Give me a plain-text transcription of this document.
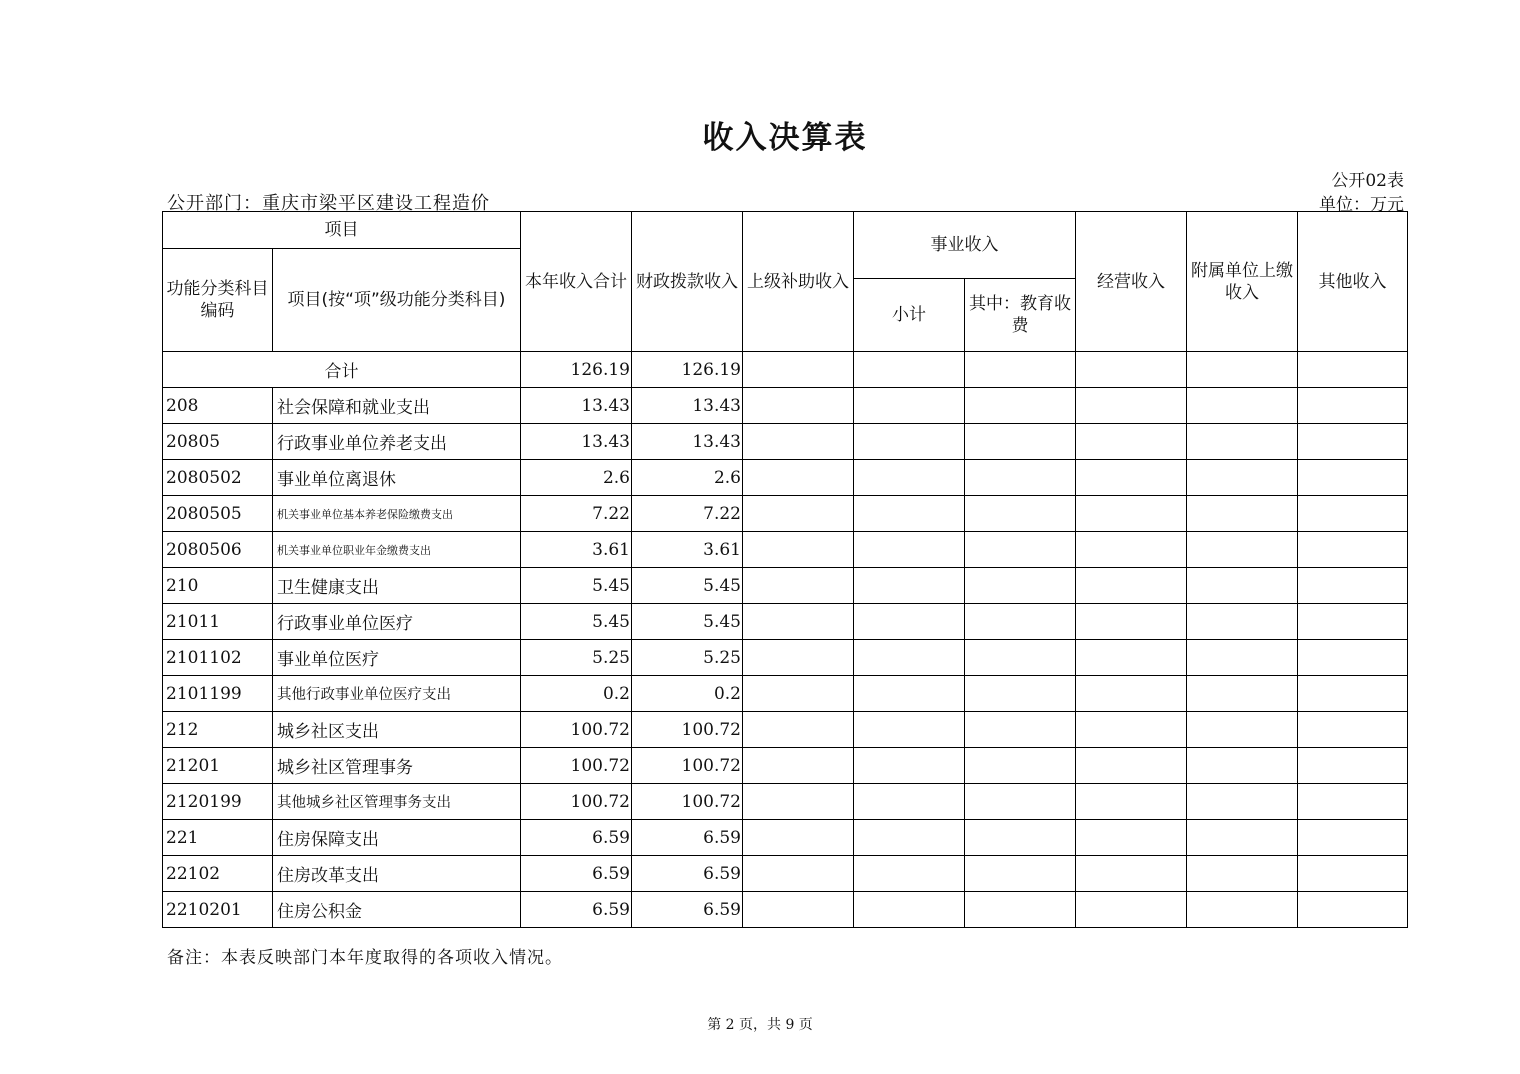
收入决算表
公开02表
单位：万元
公开部门：重庆市梁平区建设工程造价
项目		本年收入合计	财政拨款收入	上级补助收入	事业收入		经营收入	附属单位上缴收入	其他收入
功能分类科目编码	项目(按“项”级功能分类科目)								
					小计	其中：教育收费			
合计		126.19	126.19						
208	社会保障和就业支出	13.43	13.43						
20805	行政事业单位养老支出	13.43	13.43						
2080502	事业单位离退休	2.6	2.6						
2080505	机关事业单位基本养老保险缴费支出	7.22	7.22						
2080506	机关事业单位职业年金缴费支出	3.61	3.61						
210	卫生健康支出	5.45	5.45						
21011	行政事业单位医疗	5.45	5.45						
2101102	事业单位医疗	5.25	5.25						
2101199	其他行政事业单位医疗支出	0.2	0.2						
212	城乡社区支出	100.72	100.72						
21201	城乡社区管理事务	100.72	100.72						
2120199	其他城乡社区管理事务支出	100.72	100.72						
221	住房保障支出	6.59	6.59						
22102	住房改革支出	6.59	6.59						
2210201	住房公积金	6.59	6.59						
备注：本表反映部门本年度取得的各项收入情况。
第 2 页，共 9 页
